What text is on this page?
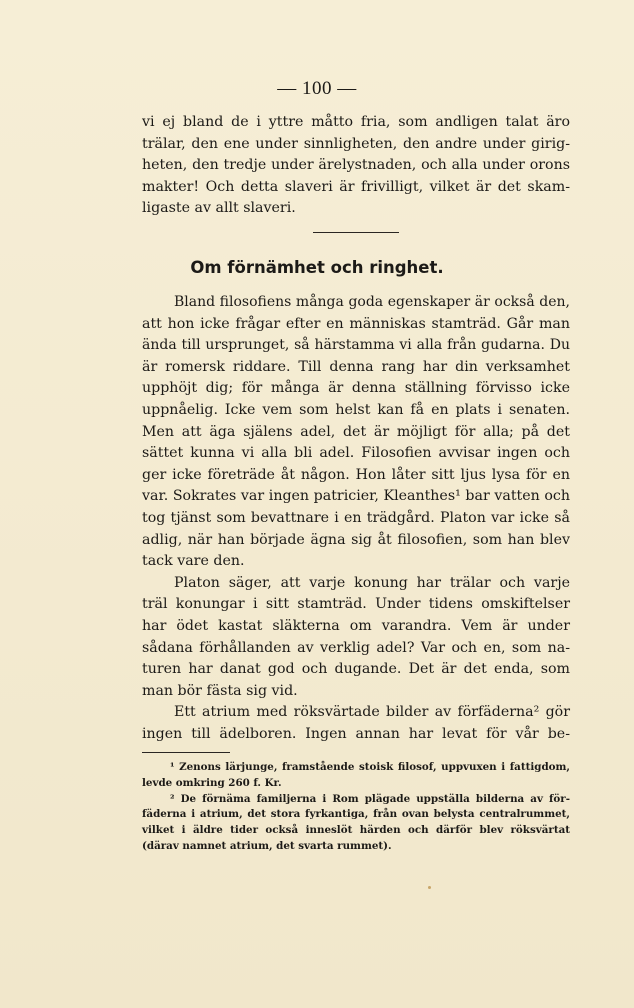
— 100 —
vi ej bland de i yttre måtto fria, som andligen talat äro
trälar, den ene under sinnligheten, den andre under girig-
heten, den tredje under ärelystnaden, och alla under orons
makter! Och detta slaveri är frivilligt, vilket är det skam-
ligaste av allt slaveri.
Om förnämhet och ringhet.
Bland filosofiens många goda egenskaper är också den,
att hon icke frågar efter en människas stamträd. Går man
ända till ursprunget, så härstamma vi alla från gudarna. Du
är romersk riddare. Till denna rang har din verksamhet
upphöjt dig; för många är denna ställning förvisso icke
uppnåelig. Icke vem som helst kan få en plats i senaten.
Men att äga själens adel, det är möjligt för alla; på det
sättet kunna vi alla bli adel. Filosofien avvisar ingen och
ger icke företräde åt någon. Hon låter sitt ljus lysa för en
var. Sokrates var ingen patricier, Kleanthes¹ bar vatten och
tog tjänst som bevattnare i en trädgård. Platon var icke så
adlig, när han började ägna sig åt filosofien, som han blev
tack vare den.
Platon säger, att varje konung har trälar och varje
träl konungar i sitt stamträd. Under tidens omskiftelser
har ödet kastat släkterna om varandra. Vem är under
sådana förhållanden av verklig adel? Var och en, som na-
turen har danat god och dugande. Det är det enda, som
man bör fästa sig vid.
Ett atrium med röksvärtade bilder av förfäderna² gör
ingen till ädelboren. Ingen annan har levat för vår be-
¹ Zenons lärjunge, framstående stoisk filosof, uppvuxen i fattigdom,
levde omkring 260 f. Kr.
² De förnäma familjerna i Rom plägade uppställa bilderna av för-
fäderna i atrium, det stora fyrkantiga, från ovan belysta centralrummet,
vilket i äldre tider också inneslöt härden och därför blev röksvärtat
(därav namnet atrium, det svarta rummet).
